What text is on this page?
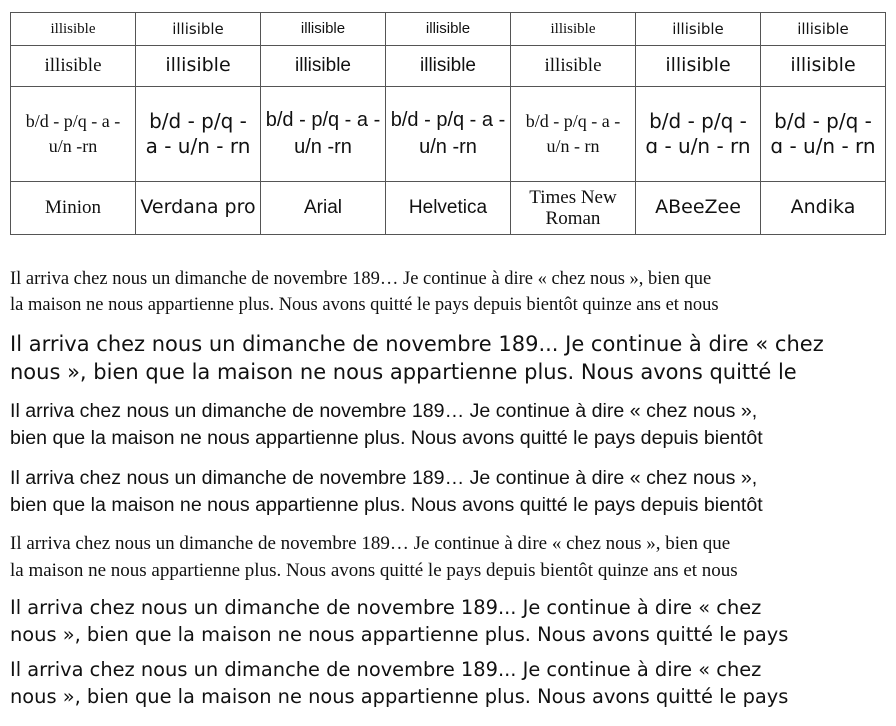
illisible	illisible	illisible	illisible	illisible	illisible	illisible
illisible	illisible	illisible	illisible	illisible	illisible	illisible
b/d - p/q - a - u/n -rn	b/d - p/q - a - u/n - rn	b/d - p/q - a - u/n -rn	b/d - p/q - a - u/n -rn	b/d - p/q - a - u/n - rn	b/d - p/q - ɑ - u/n - rn	b/d - p/q - ɑ - u/n - rn
Minion	Verdana pro	Arial	Helvetica	Times New Roman	ABeeZee	Andika

Il arriva chez nous un dimanche de novembre 189… Je continue à dire « chez nous », bien que
la maison ne nous appartienne plus. Nous avons quitté le pays depuis bientôt quinze ans et nous

Il arriva chez nous un dimanche de novembre 189... Je continue à dire « chez
nous », bien que la maison ne nous appartienne plus. Nous avons quitté le

Il arriva chez nous un dimanche de novembre 189… Je continue à dire « chez nous »,
bien que la maison ne nous appartienne plus. Nous avons quitté le pays depuis bientôt

Il arriva chez nous un dimanche de novembre 189… Je continue à dire « chez nous »,
bien que la maison ne nous appartienne plus. Nous avons quitté le pays depuis bientôt

Il arriva chez nous un dimanche de novembre 189… Je continue à dire « chez nous », bien que
la maison ne nous appartienne plus. Nous avons quitté le pays depuis bientôt quinze ans et nous

Il arriva chez nous un dimanche de novembre 189... Je continue à dire « chez
nous », bien que la maison ne nous appartienne plus. Nous avons quitté le pays

Il arriva chez nous un dimanche de novembre 189... Je continue à dire « chez
nous », bien que la maison ne nous appartienne plus. Nous avons quitté le pays
